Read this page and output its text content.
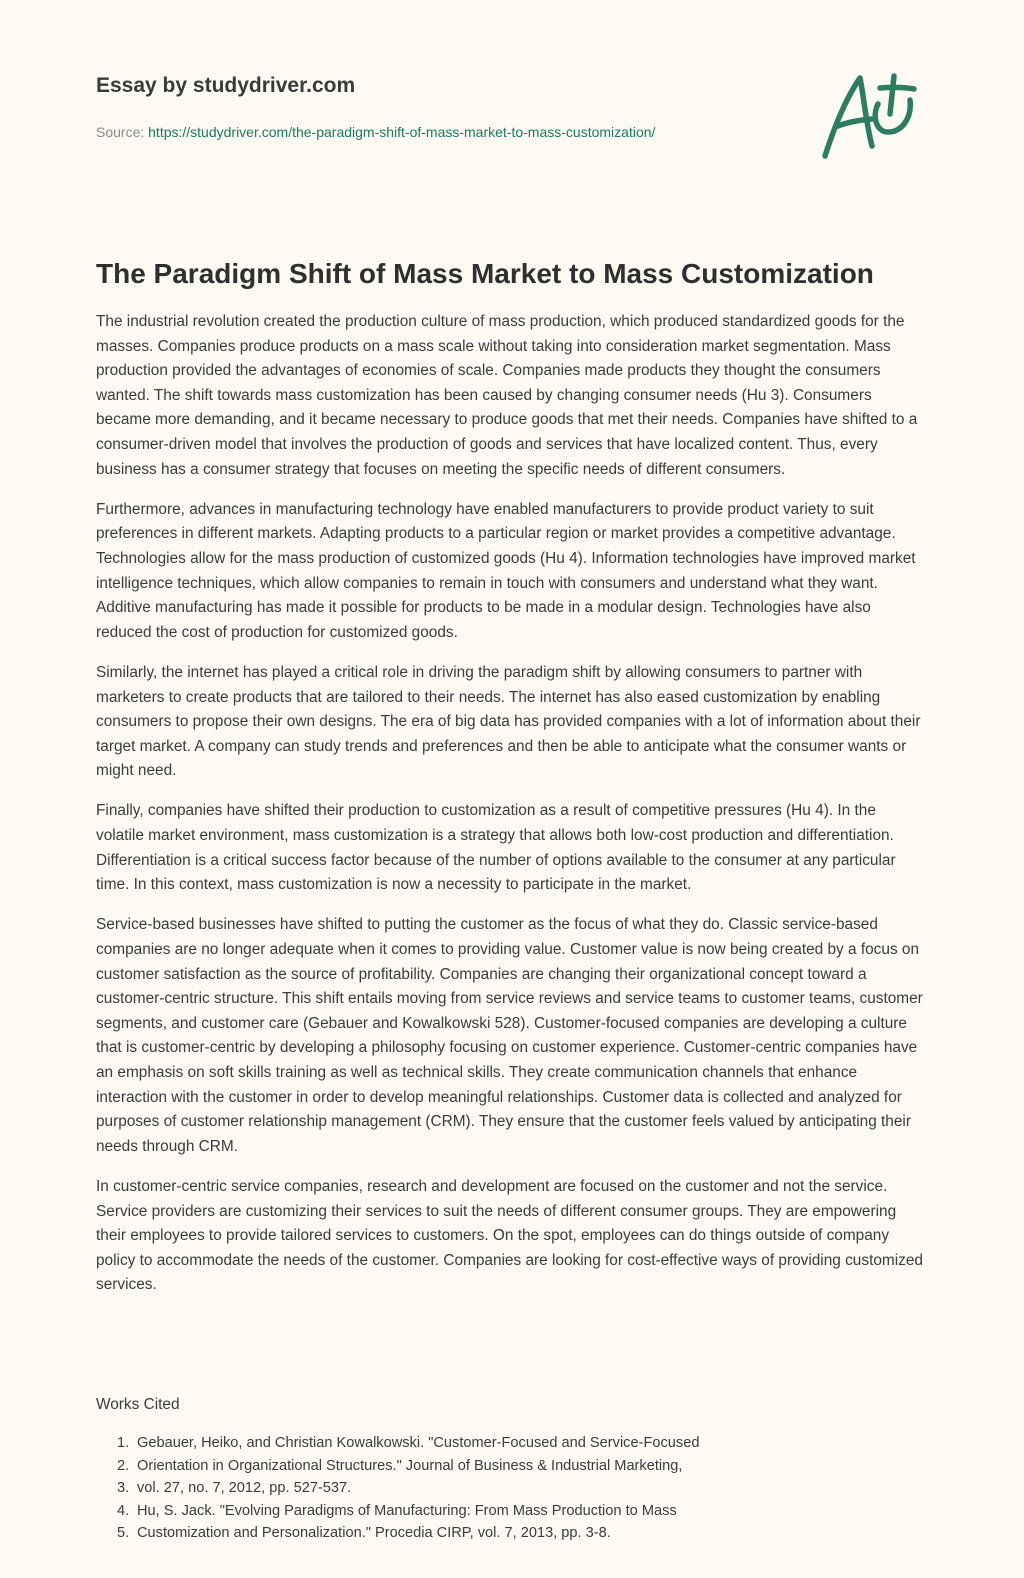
Essay by studydriver.com
Source: https://studydriver.com/the-paradigm-shift-of-mass-market-to-mass-customization/
The Paradigm Shift of Mass Market to Mass Customization

The industrial revolution created the production culture of mass production, which produced standardized goods for the masses. Companies produce products on a mass scale without taking into consideration market segmentation. Mass production provided the advantages of economies of scale. Companies made products they thought the consumers wanted. The shift towards mass customization has been caused by changing consumer needs (Hu 3). Consumers became more demanding, and it became necessary to produce goods that met their needs. Companies have shifted to a consumer-driven model that involves the production of goods and services that have localized content. Thus, every business has a consumer strategy that focuses on meeting the specific needs of different consumers.

Furthermore, advances in manufacturing technology have enabled manufacturers to provide product variety to suit preferences in different markets. Adapting products to a particular region or market provides a competitive advantage. Technologies allow for the mass production of customized goods (Hu 4). Information technologies have improved market intelligence techniques, which allow companies to remain in touch with consumers and understand what they want. Additive manufacturing has made it possible for products to be made in a modular design. Technologies have also reduced the cost of production for customized goods.

Similarly, the internet has played a critical role in driving the paradigm shift by allowing consumers to partner with marketers to create products that are tailored to their needs. The internet has also eased customization by enabling consumers to propose their own designs. The era of big data has provided companies with a lot of information about their target market. A company can study trends and preferences and then be able to anticipate what the consumer wants or might need.

Finally, companies have shifted their production to customization as a result of competitive pressures (Hu 4). In the volatile market environment, mass customization is a strategy that allows both low-cost production and differentiation. Differentiation is a critical success factor because of the number of options available to the consumer at any particular time. In this context, mass customization is now a necessity to participate in the market.

Service-based businesses have shifted to putting the customer as the focus of what they do. Classic service-based companies are no longer adequate when it comes to providing value. Customer value is now being created by a focus on customer satisfaction as the source of profitability. Companies are changing their organizational concept toward a customer-centric structure. This shift entails moving from service reviews and service teams to customer teams, customer segments, and customer care (Gebauer and Kowalkowski 528). Customer-focused companies are developing a culture that is customer-centric by developing a philosophy focusing on customer experience. Customer-centric companies have an emphasis on soft skills training as well as technical skills. They create communication channels that enhance interaction with the customer in order to develop meaningful relationships. Customer data is collected and analyzed for purposes of customer relationship management (CRM). They ensure that the customer feels valued by anticipating their needs through CRM.

In customer-centric service companies, research and development are focused on the customer and not the service. Service providers are customizing their services to suit the needs of different consumer groups. They are empowering their employees to provide tailored services to customers. On the spot, employees can do things outside of company policy to accommodate the needs of the customer. Companies are looking for cost-effective ways of providing customized services.

Works Cited
1. Gebauer, Heiko, and Christian Kowalkowski. "Customer-Focused and Service-Focused
2. Orientation in Organizational Structures." Journal of Business & Industrial Marketing,
3. vol. 27, no. 7, 2012, pp. 527-537.
4. Hu, S. Jack. "Evolving Paradigms of Manufacturing: From Mass Production to Mass
5. Customization and Personalization." Procedia CIRP, vol. 7, 2013, pp. 3-8.
